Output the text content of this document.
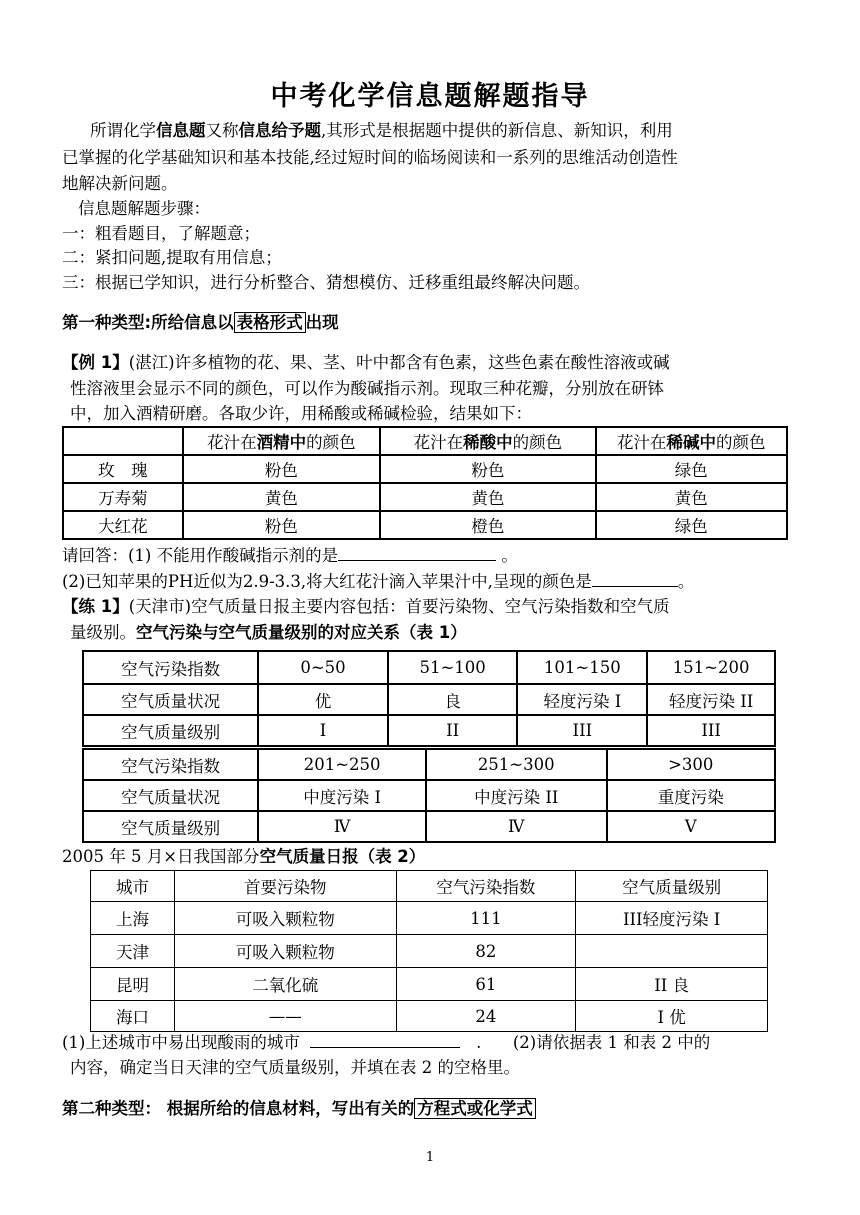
中考化学信息题解题指导
所谓化学信息题又称信息给予题,其形式是根据题中提供的新信息、新知识，利用
已掌握的化学基础知识和基本技能,经过短时间的临场阅读和一系列的思维活动创造性
地解决新问题。
信息题解题步骤：
一：粗看题目，了解题意；
二：紧扣问题,提取有用信息；
三：根据已学知识，进行分析整合、猜想模仿、迁移重组最终解决问题。
第一种类型:所给信息以 表格形式 出现
【例 1】(湛江)许多植物的花、果、茎、叶中都含有色素，这些色素在酸性溶液或碱
性溶液里会显示不同的颜色，可以作为酸碱指示剂。现取三种花瓣，分别放在研钵
中，加入酒精研磨。各取少许，用稀酸或稀碱检验，结果如下：
	花汁在酒精中的颜色	花汁在稀酸中的颜色	花汁在稀碱中的颜色
玫　瑰	粉色	粉色	绿色
万寿菊	黄色	黄色	黄色
大红花	粉色	橙色	绿色
请回答：(1) 不能用作酸碱指示剂的是	。
(2)已知苹果的PH近似为2.9-3.3,将大红花汁滴入苹果汁中,呈现的颜色是	。
【练 1】(天津市)空气质量日报主要内容包括：首要污染物、空气污染指数和空气质
量级别。空气污染与空气质量级别的对应关系（表 1）
空气污染指数	0~50	51~100	101~150	151~200
空气质量状况	优	良	轻度污染 I	轻度污染 II
空气质量级别	I	II	III	III
空气污染指数	201~250	251~300	>300
空气质量状况	中度污染 I	中度污染 II	重度污染
空气质量级别	Ⅳ	Ⅳ	Ⅴ
2005 年 5 月×日我国部分空气质量日报（表 2）
城市	首要污染物	空气污染指数	空气质量级别
上海	可吸入颗粒物	111	III轻度污染 I
天津	可吸入颗粒物	82	
昆明	二氧化硫	61	II 良
海口	——	24	I 优
(1)上述城市中易出现酸雨的城市	. (2)请依据表 1 和表 2 中的
内容，确定当日天津的空气质量级别，并填在表 2 的空格里。
第二种类型： 根据所给的信息材料，写出有关的 方程式或化学式
1
